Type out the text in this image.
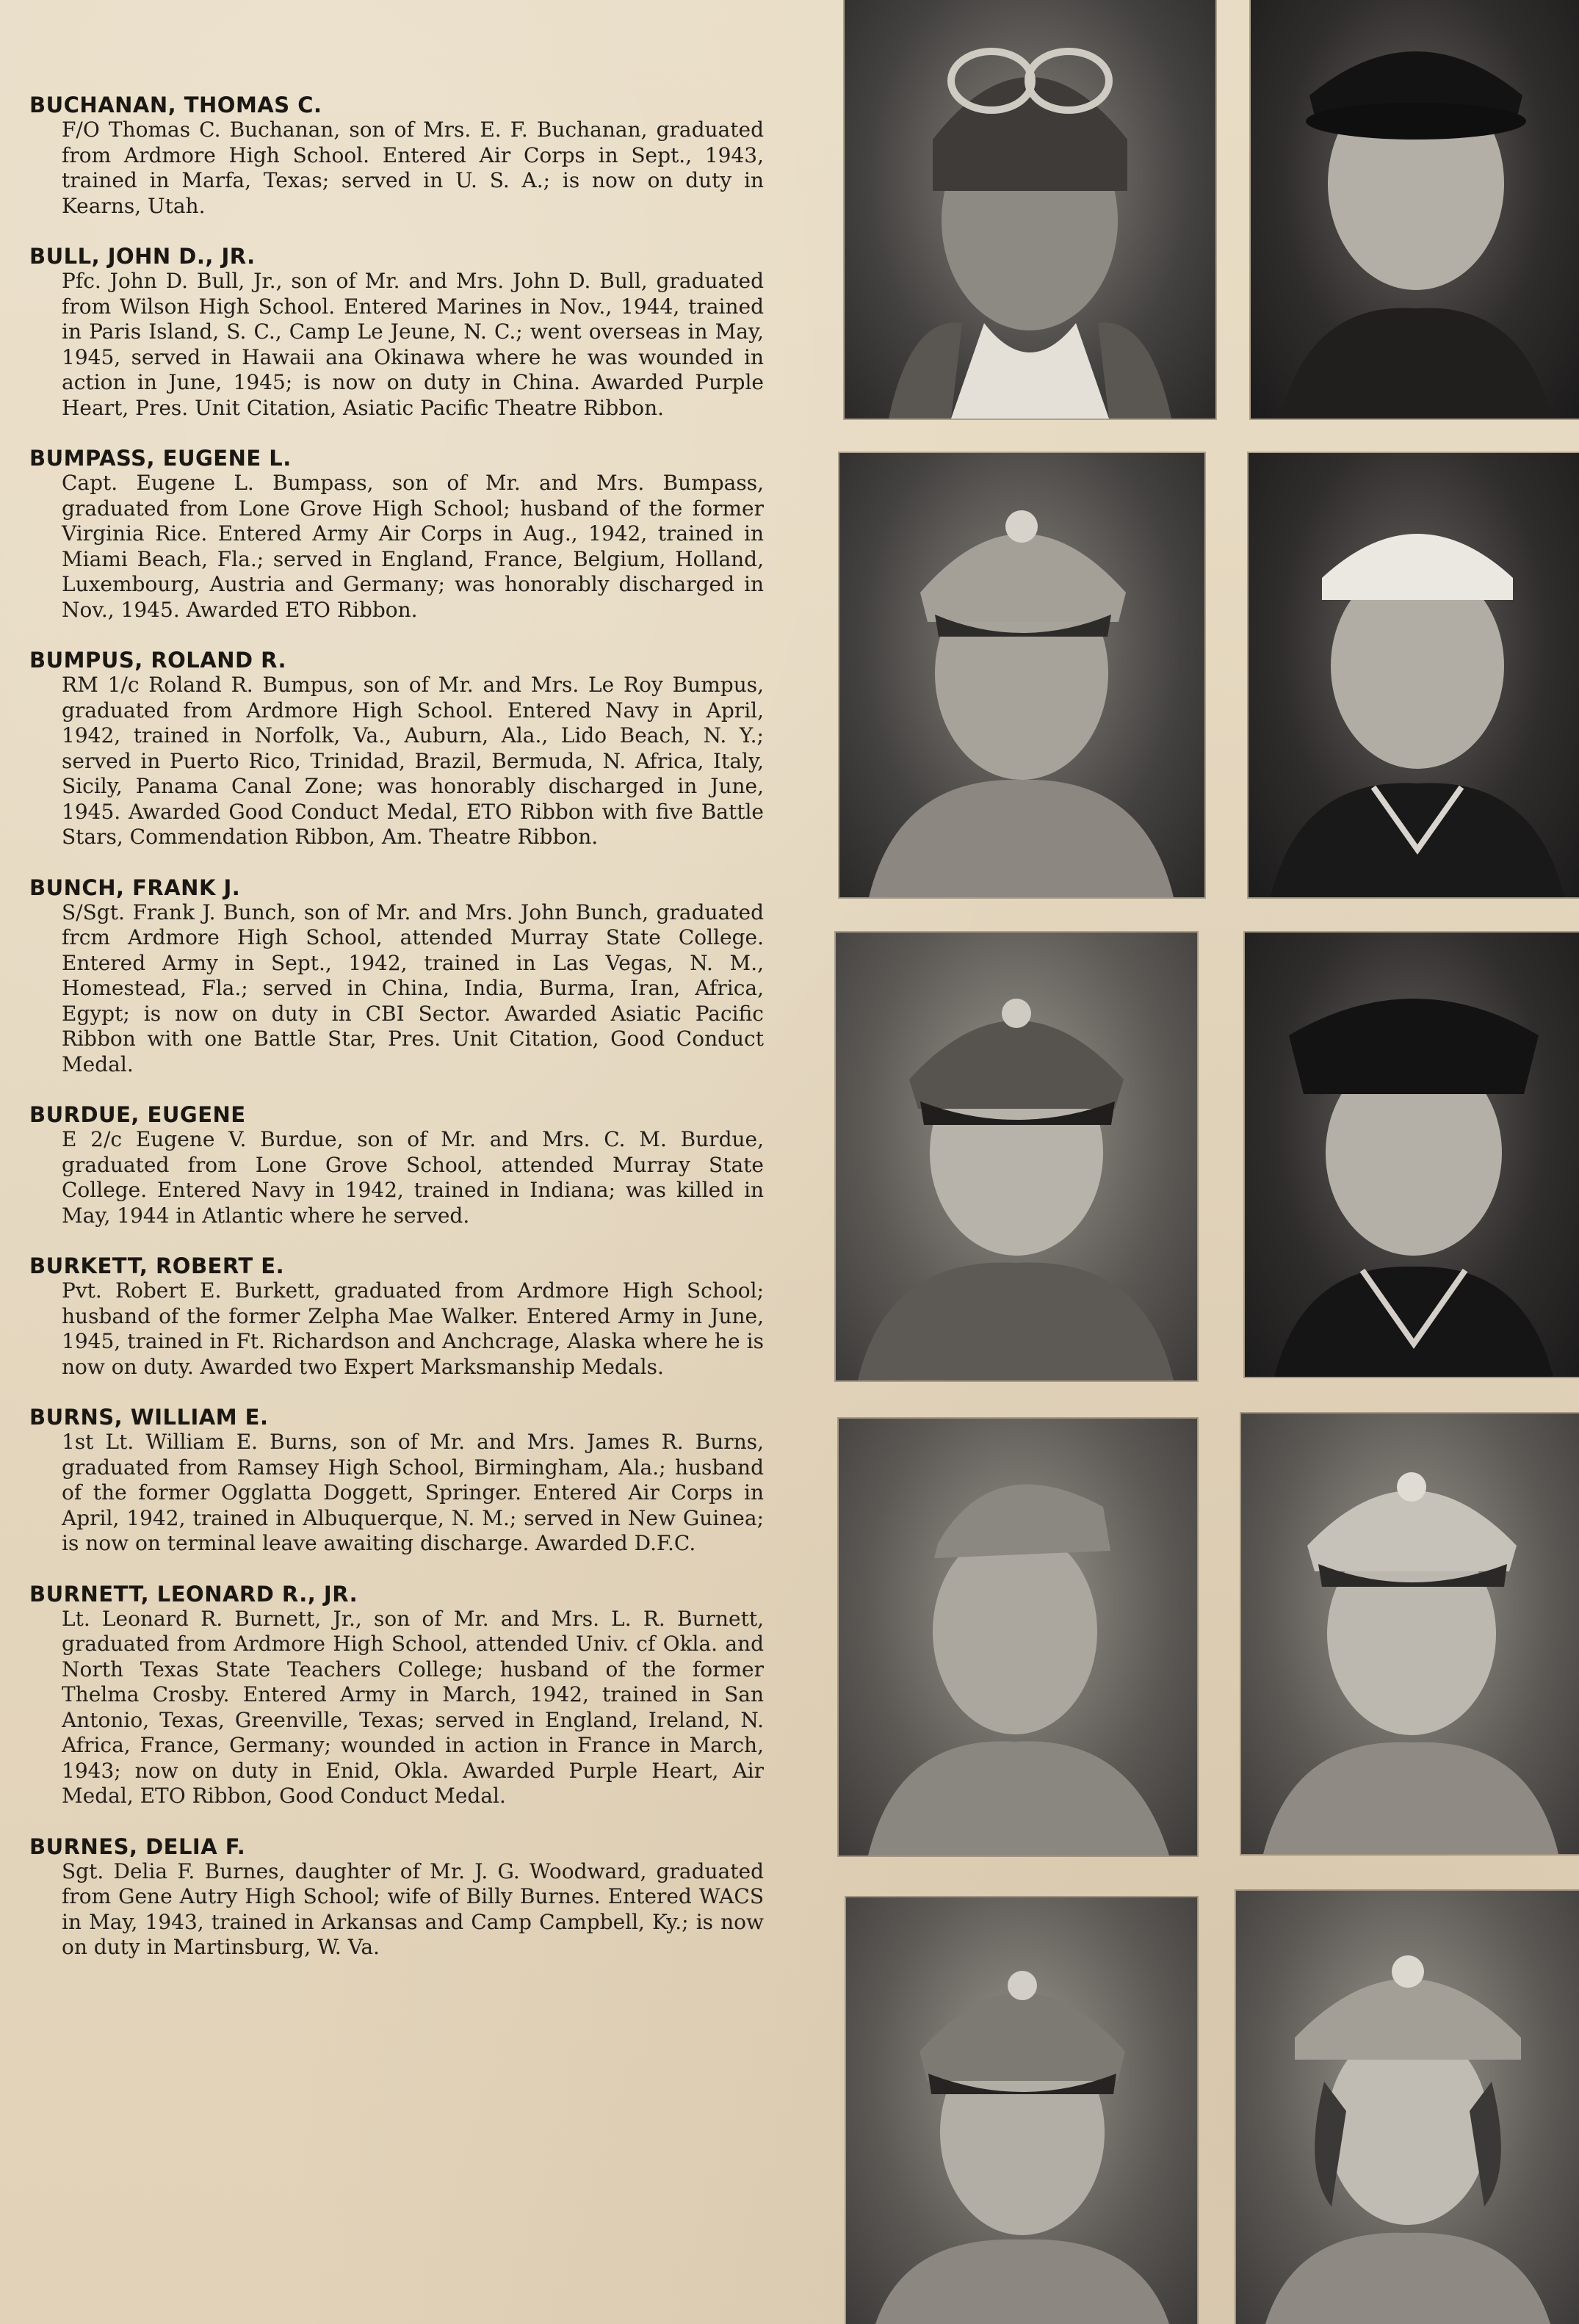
BUCHANAN, THOMAS C.

F/O Thomas C. Buchanan, son of Mrs. E. F. Buchanan, graduated from Ardmore High School. Entered Air Corps in Sept., 1943, trained in Marfa, Texas; served in U. S. A.; is now on duty in Kearns, Utah.

BULL, JOHN D., JR.

Pfc. John D. Bull, Jr., son of Mr. and Mrs. John D. Bull, graduated from Wilson High School. Entered Marines in Nov., 1944, trained in Paris Island, S. C., Camp Le Jeune, N. C.; went overseas in May, 1945, served in Hawaii ana Okinawa where he was wounded in action in June, 1945; is now on duty in China. Awarded Purple Heart, Pres. Unit Citation, Asiatic Pacific Theatre Ribbon.

BUMPASS, EUGENE L.

Capt. Eugene L. Bumpass, son of Mr. and Mrs. Bumpass, graduated from Lone Grove High School; husband of the former Virginia Rice. Entered Army Air Corps in Aug., 1942, trained in Miami Beach, Fla.; served in England, France, Belgium, Holland, Luxembourg, Austria and Germany; was honorably discharged in Nov., 1945. Awarded ETO Ribbon.

BUMPUS, ROLAND R.

RM 1/c Roland R. Bumpus, son of Mr. and Mrs. Le Roy Bumpus, graduated from Ardmore High School. Entered Navy in April, 1942, trained in Norfolk, Va., Auburn, Ala., Lido Beach, N. Y.; served in Puerto Rico, Trinidad, Brazil, Bermuda, N. Africa, Italy, Sicily, Panama Canal Zone; was honorably discharged in June, 1945. Awarded Good Conduct Medal, ETO Ribbon with five Battle Stars, Commendation Ribbon, Am. Theatre Ribbon.

BUNCH, FRANK J.

S/Sgt. Frank J. Bunch, son of Mr. and Mrs. John Bunch, graduated frcm Ardmore High School, attended Murray State College. Entered Army in Sept., 1942, trained in Las Vegas, N. M., Homestead, Fla.; served in China, India, Burma, Iran, Africa, Egypt; is now on duty in CBI Sector. Awarded Asiatic Pacific Ribbon with one Battle Star, Pres. Unit Citation, Good Conduct Medal.

BURDUE, EUGENE

E 2/c Eugene V. Burdue, son of Mr. and Mrs. C. M. Burdue, graduated from Lone Grove School, attended Murray State College. Entered Navy in 1942, trained in Indiana; was killed in May, 1944 in Atlantic where he served.

BURKETT, ROBERT E.

Pvt. Robert E. Burkett, graduated from Ardmore High School; husband of the former Zelpha Mae Walker. Entered Army in June, 1945, trained in Ft. Richardson and Anchcrage, Alaska where he is now on duty. Awarded two Expert Marksmanship Medals.

BURNS, WILLIAM E.

1st Lt. William E. Burns, son of Mr. and Mrs. James R. Burns, graduated from Ramsey High School, Birmingham, Ala.; husband of the former Ogglatta Doggett, Springer. Entered Air Corps in April, 1942, trained in Albuquerque, N. M.; served in New Guinea; is now on terminal leave awaiting discharge. Awarded D.F.C.

BURNETT, LEONARD R., JR.

Lt. Leonard R. Burnett, Jr., son of Mr. and Mrs. L. R. Burnett, graduated from Ardmore High School, attended Univ. cf Okla. and North Texas State Teachers College; husband of the former Thelma Crosby. Entered Army in March, 1942, trained in San Antonio, Texas, Greenville, Texas; served in England, Ireland, N. Africa, France, Germany; wounded in action in France in March, 1943; now on duty in Enid, Okla. Awarded Purple Heart, Air Medal, ETO Ribbon, Good Conduct Medal.

BURNES, DELIA F.

Sgt. Delia F. Burnes, daughter of Mr. J. G. Woodward, graduated from Gene Autry High School; wife of Billy Burnes. Entered WACS in May, 1943, trained in Arkansas and Camp Campbell, Ky.; is now on duty in Martinsburg, W. Va.
